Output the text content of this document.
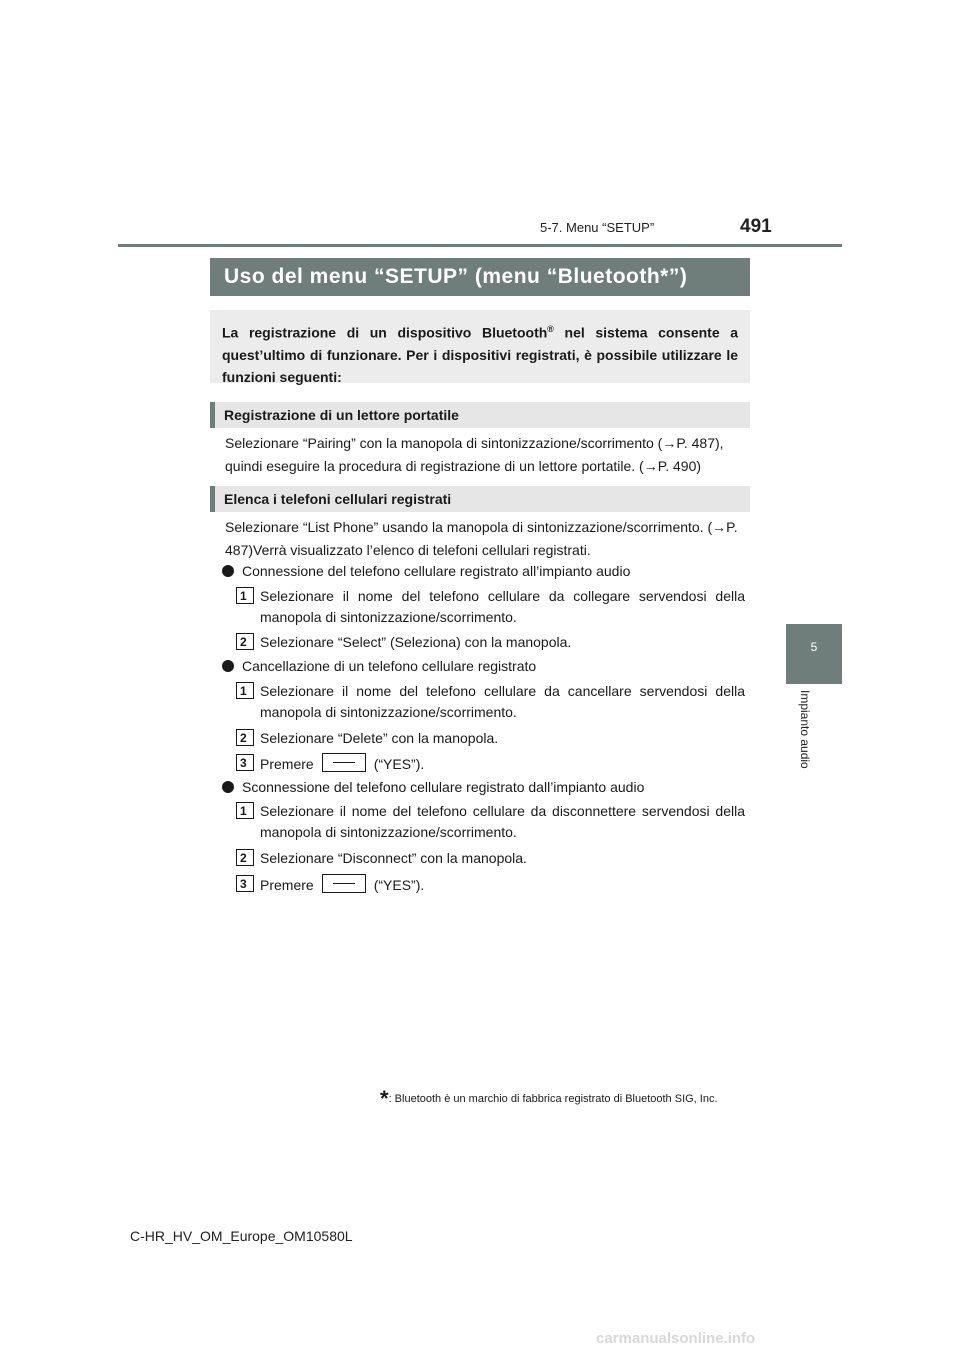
5-7. Menu “SETUP”	491
5
Impianto audio
Uso del menu “SETUP” (menu “Bluetooth*”)
La registrazione di un dispositivo Bluetooth® nel sistema consente a quest’ultimo di funzionare. Per i dispositivi registrati, è possibile utilizzare le funzioni seguenti:
Registrazione di un lettore portatile
Selezionare “Pairing” con la manopola di sintonizzazione/scorrimento (→P. 487), quindi eseguire la procedura di registrazione di un lettore portatile. (→P. 490)
Elenca i telefoni cellulari registrati
Selezionare “List Phone” usando la manopola di sintonizzazione/scorrimento. (→P. 487)Verrà visualizzato l’elenco di telefoni cellulari registrati.
Connessione del telefono cellulare registrato all’impianto audio
1 Selezionare il nome del telefono cellulare da collegare servendosi della manopola di sintonizzazione/scorrimento.
2 Selezionare “Select” (Seleziona) con la manopola.
Cancellazione di un telefono cellulare registrato
1 Selezionare il nome del telefono cellulare da cancellare servendosi della manopola di sintonizzazione/scorrimento.
2 Selezionare “Delete” con la manopola.
3 Premere	(“YES”).
Sconnessione del telefono cellulare registrato dall’impianto audio
1 Selezionare il nome del telefono cellulare da disconnettere servendosi della manopola di sintonizzazione/scorrimento.
2 Selezionare “Disconnect” con la manopola.
3 Premere	(“YES”).
*: Bluetooth è un marchio di fabbrica registrato di Bluetooth SIG, Inc.
C-HR_HV_OM_Europe_OM10580L
carmanualsonline.info
